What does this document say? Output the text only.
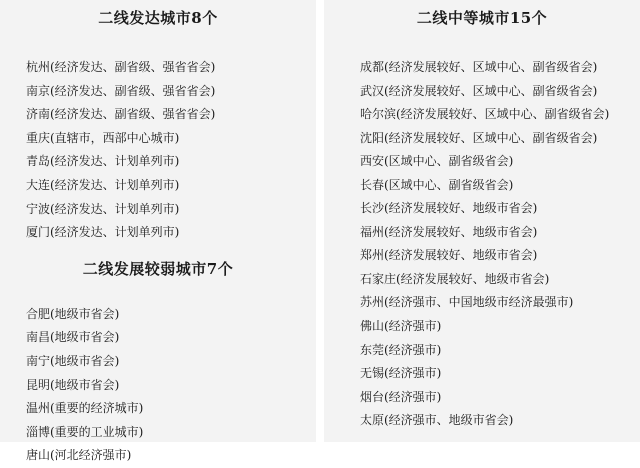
二线发达城市8个
杭州(经济发达、副省级、强省省会)
南京(经济发达、副省级、强省省会)
济南(经济发达、副省级、强省省会)
重庆(直辖市，西部中心城市)
青岛(经济发达、计划单列市)
大连(经济发达、计划单列市)
宁波(经济发达、计划单列市)
厦门(经济发达、计划单列市)
二线发展较弱城市7个
合肥(地级市省会)
南昌(地级市省会)
南宁(地级市省会)
昆明(地级市省会)
温州(重要的经济城市)
淄博(重要的工业城市)
唐山(河北经济强市)
二线中等城市15个
成都(经济发展较好、区域中心、副省级省会)
武汉(经济发展较好、区域中心、副省级省会)
哈尔滨(经济发展较好、区域中心、副省级省会)
沈阳(经济发展较好、区域中心、副省级省会)
西安(区域中心、副省级省会)
长春(区域中心、副省级省会)
长沙(经济发展较好、地级市省会)
福州(经济发展较好、地级市省会)
郑州(经济发展较好、地级市省会)
石家庄(经济发展较好、地级市省会)
苏州(经济强市、中国地级市经济最强市)
佛山(经济强市)
东莞(经济强市)
无锡(经济强市)
烟台(经济强市)
太原(经济强市、地级市省会)
